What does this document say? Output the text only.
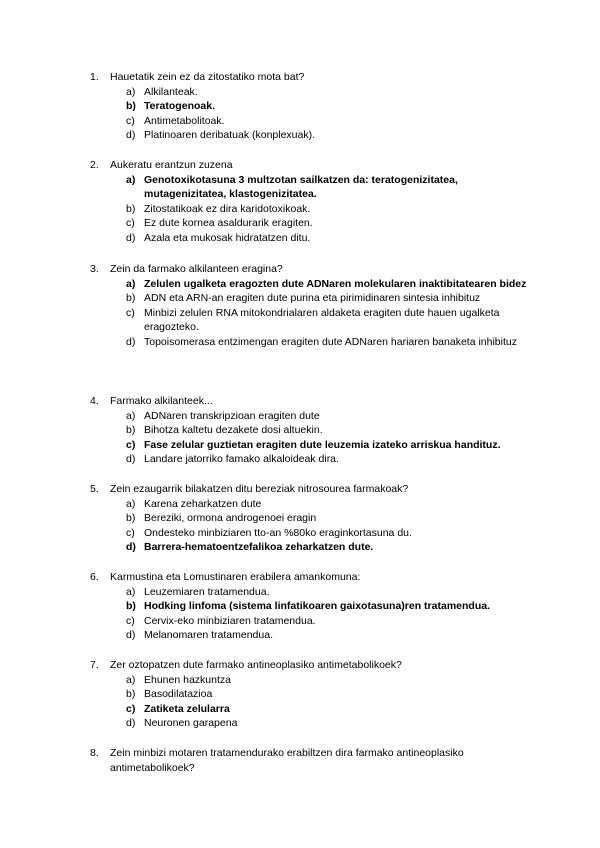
1.	Hauetatik zein ez da zitostatiko mota bat?
a) Alkilanteak.
b) Teratogenoak.
c) Antimetabolitoak.
d) Platinoaren deribatuak (konplexuak).
2.	Aukeratu erantzun zuzena
a) Genotoxikotasuna 3 multzotan sailkatzen da: teratogenizitatea, mutagenizitatea, klastogenizitatea.
b) Zitostatikoak ez dira karidotoxikoak.
c) Ez dute kornea asaldurarik eragiten.
d) Azala eta mukosak hidratatzen ditu.
3.	Zein da farmako alkilanteen eragina?
a) Zelulen ugalketa eragozten dute ADNaren molekularen inaktibitatearen bidez
b) ADN eta ARN-an eragiten dute purina eta pirimidinaren sintesia inhibituz
c) Minbizi zelulen RNA mitokondrialaren aldaketa eragiten dute hauen ugalketa eragozteko.
d) Topoisomerasa entzimengan eragiten dute ADNaren hariaren banaketa inhibituz
4.	Farmako alkilanteek...
a) ADNaren transkripzioan eragiten dute
b) Bihotza kaltetu dezakete dosi altuekin.
c) Fase zelular guztietan eragiten dute leuzemia izateko arriskua handituz.
d) Landare jatorriko famako alkaloideak dira.
5.	Zein ezaugarrik bilakatzen ditu bereziak nitrosourea farmakoak?
a) Karena zeharkatzen dute
b) Bereziki, ormona androgenoei eragin
c) Ondesteko minbiziaren tto-an %80ko eraginkortasuna du.
d) Barrera-hematoentzefalikoa zeharkatzen dute.
6.	Karmustina eta Lomustinaren erabilera amankomuna:
a) Leuzemiaren tratamendua.
b) Hodking linfoma (sistema linfatikoaren gaixotasuna)ren tratamendua.
c) Cervix-eko minbiziaren tratamendua.
d) Melanomaren tratamendua.
7.	Zer oztopatzen dute farmako antineoplasiko antimetabolikoek?
a) Ehunen hazkuntza
b) Basodilatazioa
c) Zatiketa zelularra
d) Neuronen garapena
8.	Zein minbizi motaren tratamendurako erabiltzen dira farmako antineoplasiko antimetabolikoek?
